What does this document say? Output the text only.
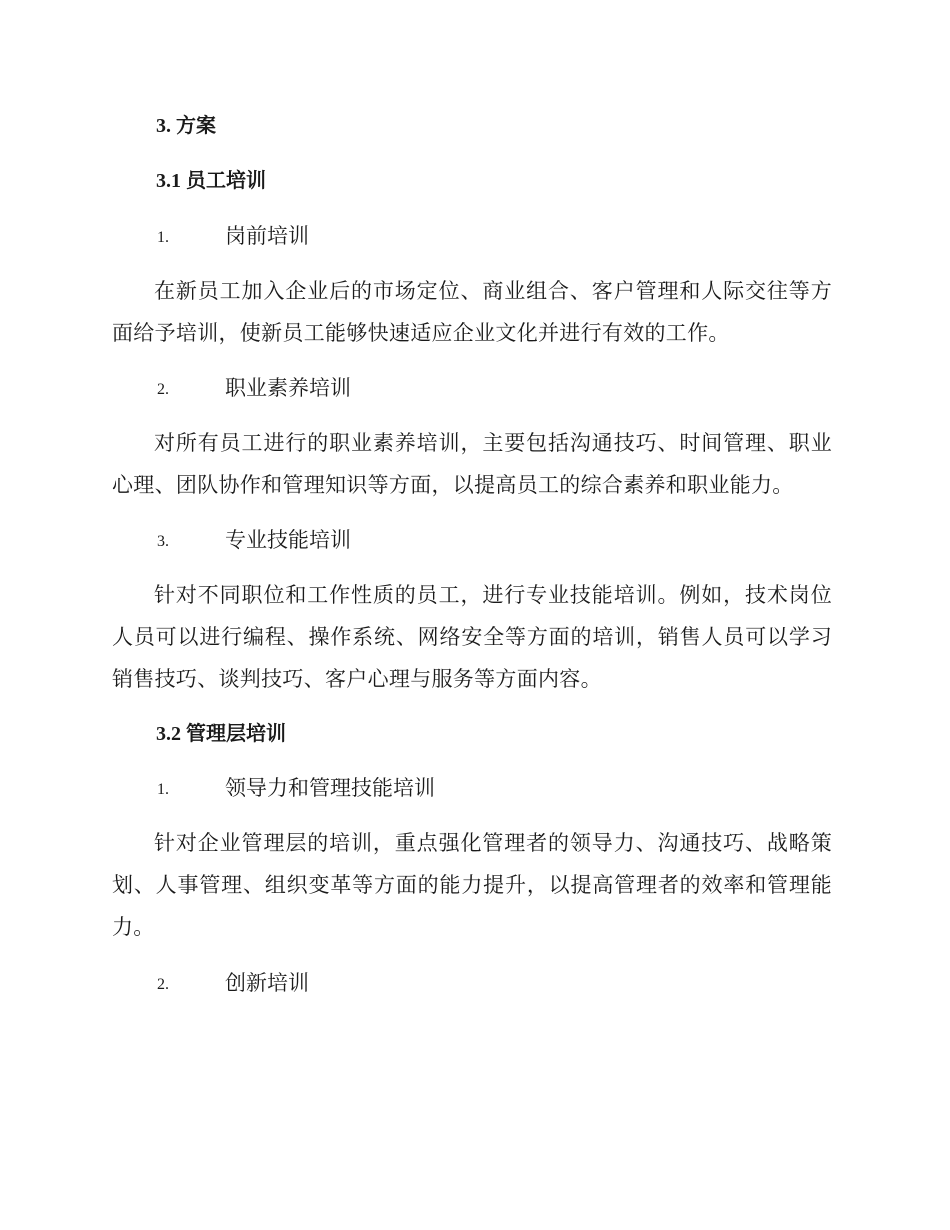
3. 方案
3.1 员工培训
1.	岗前培训
在新员工加入企业后的市场定位、商业组合、客户管理和人际交往等方面给予培训，使新员工能够快速适应企业文化并进行有效的工作。
2.	职业素养培训
对所有员工进行的职业素养培训，主要包括沟通技巧、时间管理、职业心理、团队协作和管理知识等方面，以提高员工的综合素养和职业能力。
3.	专业技能培训
针对不同职位和工作性质的员工，进行专业技能培训。例如，技术岗位人员可以进行编程、操作系统、网络安全等方面的培训，销售人员可以学习销售技巧、谈判技巧、客户心理与服务等方面内容。
3.2 管理层培训
1.	领导力和管理技能培训
针对企业管理层的培训，重点强化管理者的领导力、沟通技巧、战略策划、人事管理、组织变革等方面的能力提升，以提高管理者的效率和管理能力。
2.	创新培训
